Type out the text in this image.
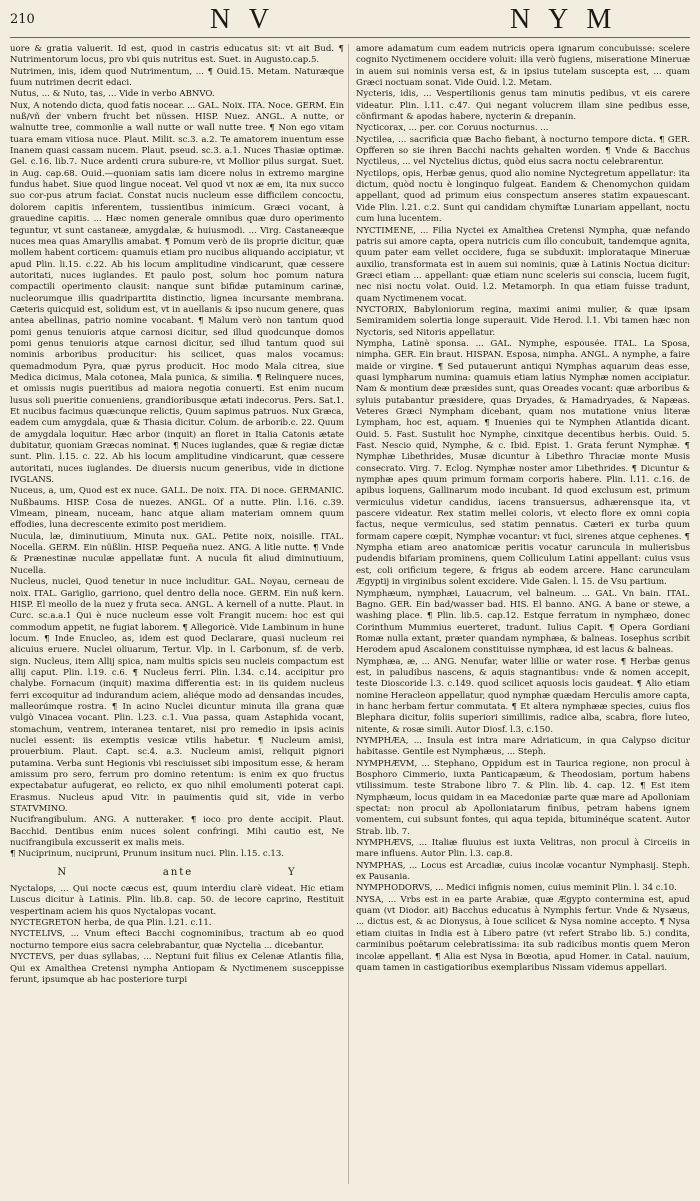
210	N V	N Y M

uore & gratia valuerit. Id est, quod in castris educatus sit: vt ait Bud. ¶ Nutrimentorum locus, pro vbi quis nutritus est. Suet. in Augusto.cap.5.

Nutrimen, inis, idem quod Nutrimentum, ... ¶ Ouid.15. Metam. Naturæque fuum nutrimen decrit edaci.

Nutus, ... & Nuto, tas, ... Vide in verbo ABNVO.

Nux, A notendo dicta, quod fatis nocear. ... GAL. Noix. ITA. Noce. GERM. Ein nuß/vñ der vnbern frucht bet nüssen. HISP. Nuez. ANGL. A nutte, or walnutte tree, commonlie a wall nutte or wall nutte tree. ¶ Non ego vitam tuara emam vitiosa nuce. Plaut. Milit. sc.3. a.2. Te amatorem inuentum esse Inanem quasi cassam nucem. Plaut. pseud. sc.3. a.1. Nuces Thasiæ optimæ. Gel. c.16. lib.7. Nuce ardenti crura subure-re, vt Mollior pilus surgat. Suet. in Aug. cap.68. Ouid.—quoniam satis iam dicere nolus in extremo margine fundus habet. Siue quod lingue noceat. Vel quod vt nox æ em, ita nux succo suo cor-pus atrum faciat. Constat nucis nucleum esse difficilem concoctu, dolorem capitis inferentem, tussientibus inimicum. Græci vocant, à grauedine capitis. ... Hæc nomen generale omnibus quæ duro operimento teguntur, vt sunt castaneæ, amygdalæ, & huiusmodi. ... Virg. Castaneæque nuces mea quas Amaryllis amabat. ¶ Pomum verò de iis proprie dicitur, quæ mollem habent corticem: quamuis etiam pro nucibus aliquando accipiatur, vt apud Plin. li.15. c.22. Ab his locum amplitudine vindicarunt, quæ cessere autoritati, nuces iuglandes. Et paulo post, solum hoc pomum natura compactili operimento clausit: nanque sunt bifidæ putaminum carinæ, nucleorumque illis quadripartita distinctio, lignea incursante membrana. Cæteris quicquid est, solidum est, vt in auellanis & ipso nucum genere, quas antea abellinas, patrio nomine vocabant. ¶ Malum verò non tantum quod pomi genus tenuioris atque carnosi dicitur, sed illud quodcunque domos pomi genus tenuioris atque carnosi dicitur, sed illud tantum quod sui nominis arboribus producitur: his scilicet, quas malos vocamus: quemadmodum Pyra, quæ pyrus producit. Hoc modo Mala citrea, siue Medica dicimus, Mala cotonea, Mala punica, & similia. ¶ Relinquere nuces, et omissis nugis pueritibus ad maiora negotia conuerti. Est enim nucum lusus soli pueritie conueniens, grandioribusque ætati indecorus. Pers. Sat.1. Et nucibus facimus quæcunque relictis, Quum sapimus patruos. Nux Græca, eadem cum amygdala, quæ & Thasia dicitur. Colum. de arborib.c. 22. Quum de amygdala loquitur. Hæc arbor (inquit) an floret in Italia Catonis ætate dubitatur, quoniam Græcas nominat. ¶ Nuces iuglandes, quæ & regiæ dictæ sunt. Plin. l.15. c. 22. Ab his locum amplitudine vindicarunt, quæ cessere autoritati, nuces iuglandes. De diuersis nucum generibus, vide in dictione IVGLANS.

Nuceus, a, um, Quod est ex nuce. GALL. De noix. ITA. Di noce. GERMANIC. Nußbaums. HISP. Cosa de nuezes. ANGL. Of a nutte. Plin. l.16. c.39. Vlmeam, pineam, nuceam, hanc atque aliam materiam omnem quum effodies, luna decrescente eximito post meridiem.

Nucula, læ, diminutiuum, Minuta nux. GAL. Petite noix, noisille. ITAL. Nocella. GERM. Ein nüßlin. HISP. Pequeña nuez. ANG. A litle nutte. ¶ Vnde & Prænestinæ nuculæ appellatæ funt. A nucula fit aliud diminutiuum, Nucella.

Nucleus, nuclei, Quod tenetur in nuce includitur. GAL. Noyau, cerneau de noix. ITAL. Gariglio, garriono, quel dentro della noce. GERM. Ein nuß kern. HISP. El meollo de la nuez y fruta seca. ANGL. A kernell of a nutte. Plaut. in Curc. sc.a.a.1 Qui è nuce nucleum esse volt Frangit nucem: hoc est qui commodum appetit, ne fugiat laborem. ¶ Allegoricè. Vide Lambinum in hune locum. ¶ Inde Enucleo, as, idem est quod Declarare, quasi nucleum rei alicuius eruere. Nuclei oliuarum, Tertur. Vlp. in l. Carbonum, sf. de verb. sign. Nucleus, item Allij spica, nam multis spicis seu nucleis compactum est allij caput. Plin. l.19. c.6. ¶ Nucleus ferri. Plin. l.34. c.14. accipitur pro chalybe. Fornacum (inquit) maxima differentia est: in iis quidem nucleus ferri excoquitur ad indurandum aciem, aliéque modo ad densandas incudes, malleorúmque rostra. ¶ In acino Nuclei dicuntur minuta illa grana quæ vulgò Vinacea vocant. Plin. l.23. c.1. Vua passa, quam Astaphida vocant, stomachum, ventrem, interanea tentaret, nisi pro remedio in ipsis acinis nuclei essent: iis exemptis vesicæ vtilis habetur. ¶ Nucleum amisi, prouerbium. Plaut. Capt. sc.4. a.3. Nucleum amisi, reliquit pignori putamina. Verba sunt Hegionis vbi resciuisset sibi impositum esse, & heram amissum pro sero, ferrum pro domino retentum: is enim ex quo fructus expectabatur aufugerat, eo relicto, ex quo nihil emolumenti poterat capi. Erasmus. Nucleus apud Vitr. in pauimentis quid sit, vide in verbo STATVMINO.

Nucifrangibulum. ANG. A nutteraker. ¶ ioco pro dente accipit. Plaut. Bacchid. Dentibus enim nuces solent confringi. Mihi cautio est, Ne nucifrangibula excusserit ex malis meis.

¶ Nuciprinum, nucipruni, Prunum insitum nuci. Plin. l.15. c.13.

N	ante	Y

Nyctalops, ... Qui nocte cæcus est, quum interdiu clarè videat. Hic etiam Luscus dicitur à Latinis. Plin. lib.8. cap. 50. de iecore caprino, Restituit vespertinam aciem his quos Nyctalopas vocant.

NYCTEGRETON herba, de qua Plin. l.21. c.11.

NYCTELIVS, ... Vnum efteci Bacchi cognominibus, tractum ab eo quod nocturno tempore eius sacra celebrabantur, quæ Nyctelia ... dicebantur.

NYCTEVS, per duas syllabas, ... Neptuni fuit filius ex Celenæ Atlantis filia, Qui ex Amalthea Cretensi nympha Antiopam & Nyctimenem susceppisse ferunt, ipsumque ab hac posteriore turpi

amore adamatum cum eadem nutricis opera ignarum concubuisse: scelere cognito Nyctimenem occidere voluit: illa verò fugiens, miseratione Mineruæ in auem sui nominis versa est, & in ipsius tutelam suscepta est, ... quam Græci noctuam sonat. Vide Ouid. l.2. Metam.

Nycteris, idis, ... Vespertilionis genus tam minutis pedibus, vt eis carere videatur. Plin. l.11. c.47. Qui negant volucrem illam sine pedibus esse, cönfirmant & apodas habere, nycterin & drepanin.

Nycticorax, ... per. cor. Coruus nocturnus. ...

Nyctilea, ... sacrificia quæ Bacho fiebant, à nocturno tempore dicta. ¶ GER. Opfferen so sie ihren Bacchi nachts gehalten worden. ¶ Vnde & Bacchus Nyctileus, ... vel Nyctelius dictus, quòd eius sacra noctu celebrarentur.

Nyctilops, opis, Herbæ genus, quod alio nomine Nyctegretum appellatur: ita dictum, quòd noctu è longinquo fulgeat. Eandem & Chenomychon quidam appellant, quod ad primum eius conspectum anseres statim expauescant. Vide Plin. l.21. c.2. Sunt qui candidam chymiftæ Lunariam appellant, noctu cum luna lucentem.

NYCTIMENE, ... Filia Nyctei ex Amalthea Cretensi Nympha, quæ nefando patris sui amore capta, opera nutricis cum illo concubuit, tandemque agnita, quum pater eam vellet occidere, fuga se subduxit: implorataque Mineruæ auxilio, transformata est in auem sui nominis, quæ à Latinis Noctua dicitur: Græci etiam ... appellant: quæ etiam nunc sceleris sui conscia, lucem fugit, nec nisi noctu volat. Ouid. l.2. Metamorph. In qua etiam fuisse tradunt, quam Nyctimenem vocat.

NYCTORIX, Babyloniorum regina, maximi animi mulier, & quæ ipsam Semiramidem solertia longe superauit. Vide Herod. l.1. Vbi tamen hæc non Nyctoris, sed Nitoris appellatur.

Nympha, Latinè sponsa. ... GAL. Nymphe, espousée. ITAL. La Sposa, nimpha. GER. Ein braut. HISPAN. Esposa, nimpha. ANGL. A nymphe, a faire maide or virgine. ¶ Sed putauerunt antiqui Nymphas aquarum deas esse, quasi lympharum numina: quamuis etiam latius Nymphæ nomen accipiatur. Nam & montium deæ præsides sunt, quas Oreades vocant: quæ arboribus & syluis putabantur præsidere, quas Dryades, & Hamadryades, & Napæas. Veteres Græci Nympham dicebant, quam nos mutatione vnius literæ Lympham, hoc est, aquam. ¶ Inuenies qui te Nymphen Atlantida dicant. Ouid. 5. Fast. Sustulit hoc Nymphe, cinxitque decentibus herbis. Ouid. 5. Fast. Nescio quid, Nymphe, & c. Ibid. Epist. 1. Grata ferunt Nymphæ. ¶ Nymphæ Libethrides, Musæ dicuntur à Libethro Thraciæ monte Musis consecrato. Virg. 7. Eclog. Nymphæ noster amor Libethrides. ¶ Dicuntur & nymphæ apes quum primum formam corporis habere. Plin. l.11. c.16. de apibus loquens, Gallinarum modo incubant. Id quod exclusum est, primum vermiculus videtur candidus, iacens transuersus, adhærensque ita, vt pascere videatur. Rex statim mellei coloris, vt electo flore ex omni copia factus, neque vermiculus, sed statim pennatus. Cæteri ex turba quum formam capere cœpit, Nymphæ vocantur: vt fuci, sirenes atque cephenes. ¶ Nympha etiam areo anatomicæ peritis vocatur caruncula in mulierisbus pudendis bifariam prominens, quem Colliculum Latini appellant: cuius vsus est, coli orificium tegere, & frigus ab eodem arcere. Hanc carunculam Ægyptij in virginibus solent excidere. Vide Galen. l. 15. de Vsu partium.

Nymphæum, nymphæi, Lauacrum, vel balneum. ... GAL. Vn bain. ITAL. Bagno. GER. Ein bad/wasser bad. HIS. El banno. ANG. A bane or stewe, a washing place. ¶ Plin. lib.5. cap.12. Estque ferratum in nymphæo, donec Corinthum Mummius euerteret, tradunt. Iulius Capit. ¶ Opera Gordiani Romæ nulla extant, præter quandam nymphæa, & balneas. Iosephus scribit Herodem apud Ascalonem constituisse nymphæa, id est lacus & balneas.

Nymphæa, æ, ... ANG. Nenufar, water lillie or water rose. ¶ Herbæ genus est, in paludibus nascens, & aquis stagnantibus: vnde & nomen accepit, teste Dioscoride l.3. c.149. quod scilicet aquosis locis gaudeat. ¶ Alio etiam nomine Heracleon appellatur, quod nymphæ quædam Herculis amore capta, in hanc herbam fertur commutata. ¶ Et altera nymphææ species, cuius flos Blephara dicitur, foliis superiori simillimis, radice alba, scabra, flore luteo, nitente, & rosæ simili. Autor Diosf. l.3. c.150.

NYMPHÆA, ... Insula est intra mare Adriaticum, in qua Calypso dicitur habitasse. Gentile est Nymphæus, ... Steph.

NYMPHÆVM, ... Stephano, Oppidum est in Taurica regione, non procul à Bosphoro Cimmerio, iuxta Panticapæum, & Theodosiam, portum habens vtilissimum. teste Strabone libro 7. & Plin. lib. 4. cap. 12. ¶ Est item Nymphæum, locus quidam in ea Macedoniæ parte quæ mare ad Apolloniam spectat: non procul ab Apolloniatarum finibus, petram habens ignem vomentem, cui subsunt fontes, qui aqua tepida, bituminéque scatent. Autor Strab. lib. 7.

NYMPHÆVS, ... Italiæ fluuius est iuxta Velitras, non procul à Circeiis in mare influens. Autor Plin. l.3. cap.8.

NYMPHAS, ... Locus est Arcadiæ, cuius incolæ vocantur Nymphasij. Steph. ex Pausania.

NYMPHODORVS, ... Medici infignis nomen, cuius meminit Plin. l. 34 c.10.

NYSA, ... Vrbs est in ea parte Arabiæ, quæ Ægypto contermina est, apud quam (vt Diodor. ait) Bacchus educatus à Nymphis fertur. Vnde & Nysæus, ... dictus est, & ac Dionysus, à Ioue scilicet & Nysa nomine accepto. ¶ Nysa etiam ciuitas in India est à Libero patre (vt refert Strabo lib. 5.) condita, carminibus poëtarum celebratissima: ita sub radicibus montis quem Meron incolæ appellant. ¶ Alia est Nysa in Bœotia, apud Homer. in Catal. nauium, quam tamen in castigatioribus exemplaribus Nissam videmus appellari.
